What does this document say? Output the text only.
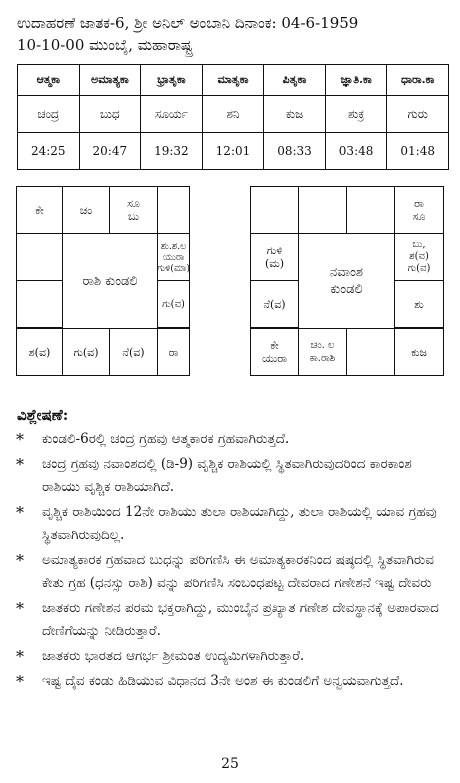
ಉದಾಹರಣೆ ಜಾತಕ-6, ಶ್ರೀ ಅನಿಲ್ ಅಂಬಾನಿ ದಿನಾಂಕ: 04-6-1959
10-10-00 ಮುಂಬೈ, ಮಹಾರಾಷ್ಟ್ರ
ಆತ್ಮಕಾ	ಅಮಾತ್ಯಕಾ	ಭ್ರಾತೃಕಾ	ಮಾತೃಕಾ	ಪಿತೃಕಾ	ಜ್ಞಾತಿ.ಕಾ	ಧಾರಾ.ಕಾ
ಚಂದ್ರ	ಬುಧ	ಸೂರ್ಯ	ಶನಿ	ಕುಜ	ಶುಕ್ರ	ಗುರು
24:25	20:47	19:32	12:01	08:33	03:48	01:48
ಕೇ	ಚಂ	ಸೂ
ಬು
ರಾಶಿ ಕುಂಡಲಿ
ಶು.ಶ.ಲ
ಯುರಾ
ಗುಳಿ(ಮಾ)
ಗು(ವ)
ಶ(ವ)	ಗು(ವ)	ನೆ(ವ)	ರಾ
ರಾ
ಸೂ
ಗುಳಿ
(ಮ)
ನೆ(ವ)
ನವಾಂಶ
ಕುಂಡಲಿ
ಬು,
ಶ(ವ)
ಗು(ವ)
ಶು
ಕೇ
ಯುರಾ
ಚಂ. ಲ
ಕಾ.ರಾಶಿ	ಕುಜ
ವಿಶ್ಲೇಷಣೆ:
* ಕುಂಡಲಿ-6ರಲ್ಲಿ ಚಂದ್ರ ಗ್ರಹವು ಆತ್ಮಕಾರಕ ಗ್ರಹವಾಗಿರುತ್ತದೆ.
* ಚಂದ್ರ ಗ್ರಹವು ನವಾಂಶದಲ್ಲಿ (ಡಿ-9) ವೃಶ್ಚಿಕ ರಾಶಿಯಲ್ಲಿ ಸ್ಥಿತವಾಗಿರುವುದರಿಂದ ಕಾರಕಾಂಶ ರಾಶಿಯು ವೃಶ್ಚಿಕ ರಾಶಿಯಾಗಿದೆ.
* ವೃಶ್ಚಿಕ ರಾಶಿಯಿಂದ 12ನೇ ರಾಶಿಯು ತುಲಾ ರಾಶಿಯಾಗಿದ್ದು, ತುಲಾ ರಾಶಿಯಲ್ಲಿ ಯಾವ ಗ್ರಹವು ಸ್ಥಿತವಾಗಿರುವುದಿಲ್ಲ.
* ಅಮಾತ್ಯಕಾರಕ ಗ್ರಹವಾದ ಬುಧನ್ನು ಪರಿಗಣಿಸಿ ಈ ಅಮಾತ್ಯಕಾರಕನಿಂದ ಷಷ್ಠದಲ್ಲಿ ಸ್ಥಿತವಾಗಿರುವ ಕೇತು ಗ್ರಹ (ಧನಸ್ಸು ರಾಶಿ) ವನ್ನು ಪರಿಗಣಿಸಿ ಸಂಬಂಧಪಟ್ಟ ದೇವರಾದ ಗಣೇಶನೆ ಇಷ್ಟ ದೇವರು
* ಜಾತಕರು ಗಣೇಶನ ಪರಮ ಭಕ್ತರಾಗಿದ್ದು, ಮುಂಬೈನ ಪ್ರಖ್ಯಾತ ಗಣೇಶ ದೇವಸ್ಥಾನಕ್ಕೆ ಅಪಾರವಾದ ದೇಣಿಗೆಯನ್ನು ನೀಡಿರುತ್ತಾರೆ.
* ಜಾತಕರು ಭಾರತದ ಆಗರ್ಭ ಶ್ರೀಮಂತ ಉದ್ಯಮಿಗಳಾಗಿರುತ್ತಾರೆ.
* ಇಷ್ಟ ದೈವ ಕಂಡು ಹಿಡಿಯುವ ವಿಧಾನದ 3ನೇ ಅಂಶ ಈ ಕುಂಡಲಿಗೆ ಅನ್ವಯವಾಗುತ್ತದೆ.
25
